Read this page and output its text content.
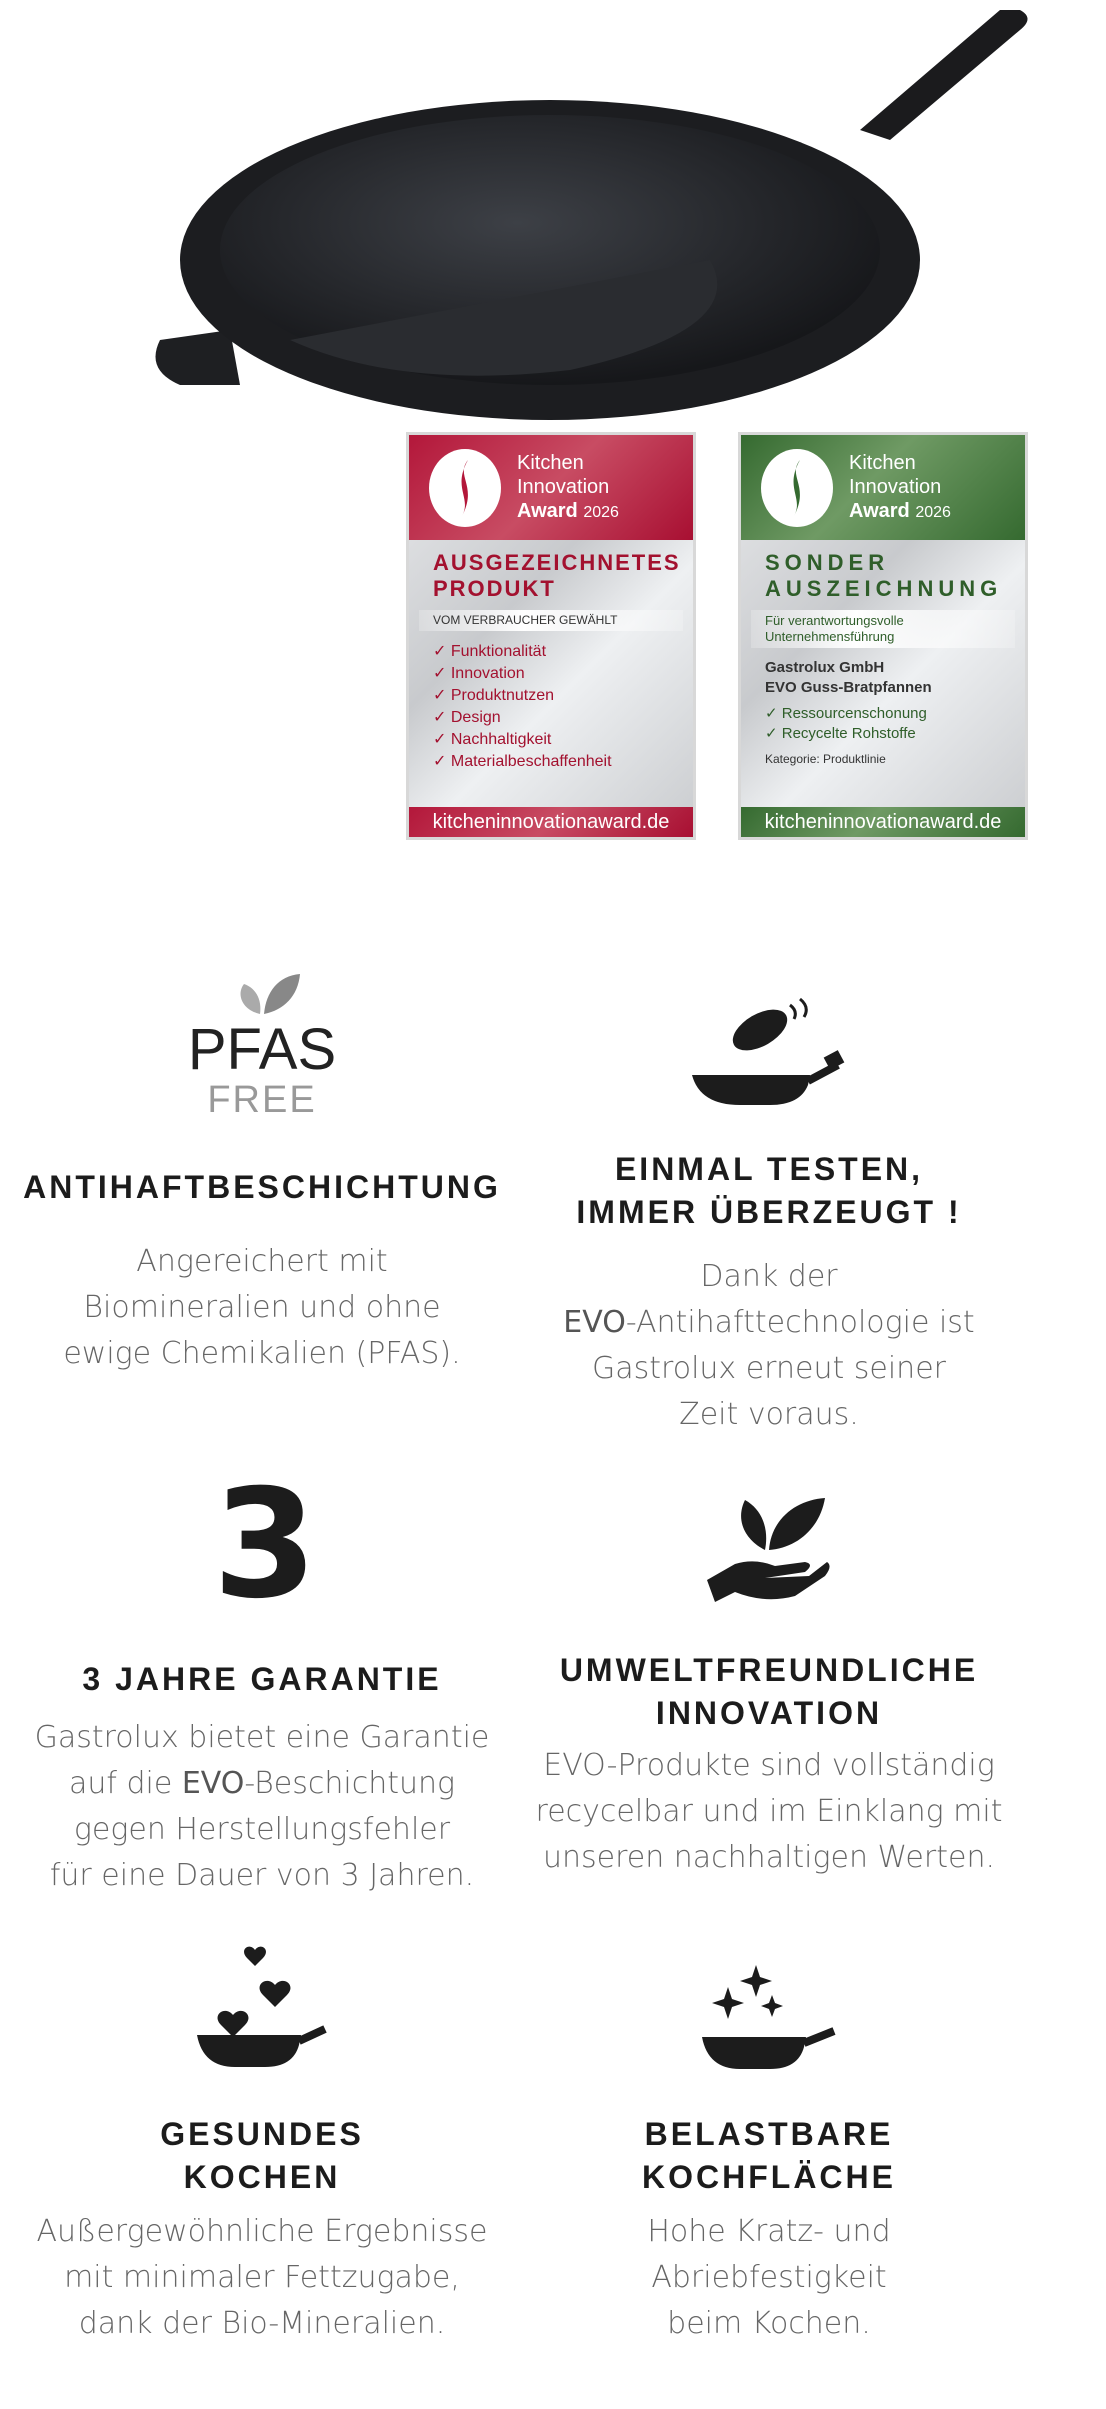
Kitchen
Innovation
Award 2026
AUSGEZEICHNETES
PRODUKT
VOM VERBRAUCHER GEWÄHLT
✓ Funktionalität
✓ Innovation
✓ Produktnutzen
✓ Design
✓ Nachhaltigkeit
✓ Materialbeschaffenheit
kitcheninnovationaward.de
Kitchen
Innovation
Award 2026
SONDER
AUSZEICHNUNG
Für verantwortungsvolle
Unternehmensführung
Gastrolux GmbH
EVO Guss-Bratpfannen
✓ Ressourcenschonung
✓ Recycelte Rohstoffe
Kategorie: Produktlinie
kitcheninnovationaward.de
PFAS
FREE
ANTIHAFTBESCHICHTUNG

Angereichert mit
Biomineralien und ohne
ewige Chemikalien (PFAS).

EINMAL TESTEN,
IMMER ÜBERZEUGT !

Dank der
EVO-Antihafttechnologie ist
Gastrolux erneut seiner
Zeit voraus.

3
3 JAHRE GARANTIE

Gastrolux bietet eine Garantie
auf die EVO-Beschichtung
gegen Herstellungsfehler
für eine Dauer von 3 Jahren.

UMWELTFREUNDLICHE
INNOVATION

EVO-Produkte sind vollständig
recycelbar und im Einklang mit
unseren nachhaltigen Werten.

GESUNDES
KOCHEN

Außergewöhnliche Ergebnisse
mit minimaler Fettzugabe,
dank der Bio-Mineralien.

BELASTBARE
KOCHFLÄCHE

Hohe Kratz- und
Abriebfestigkeit
beim Kochen.
